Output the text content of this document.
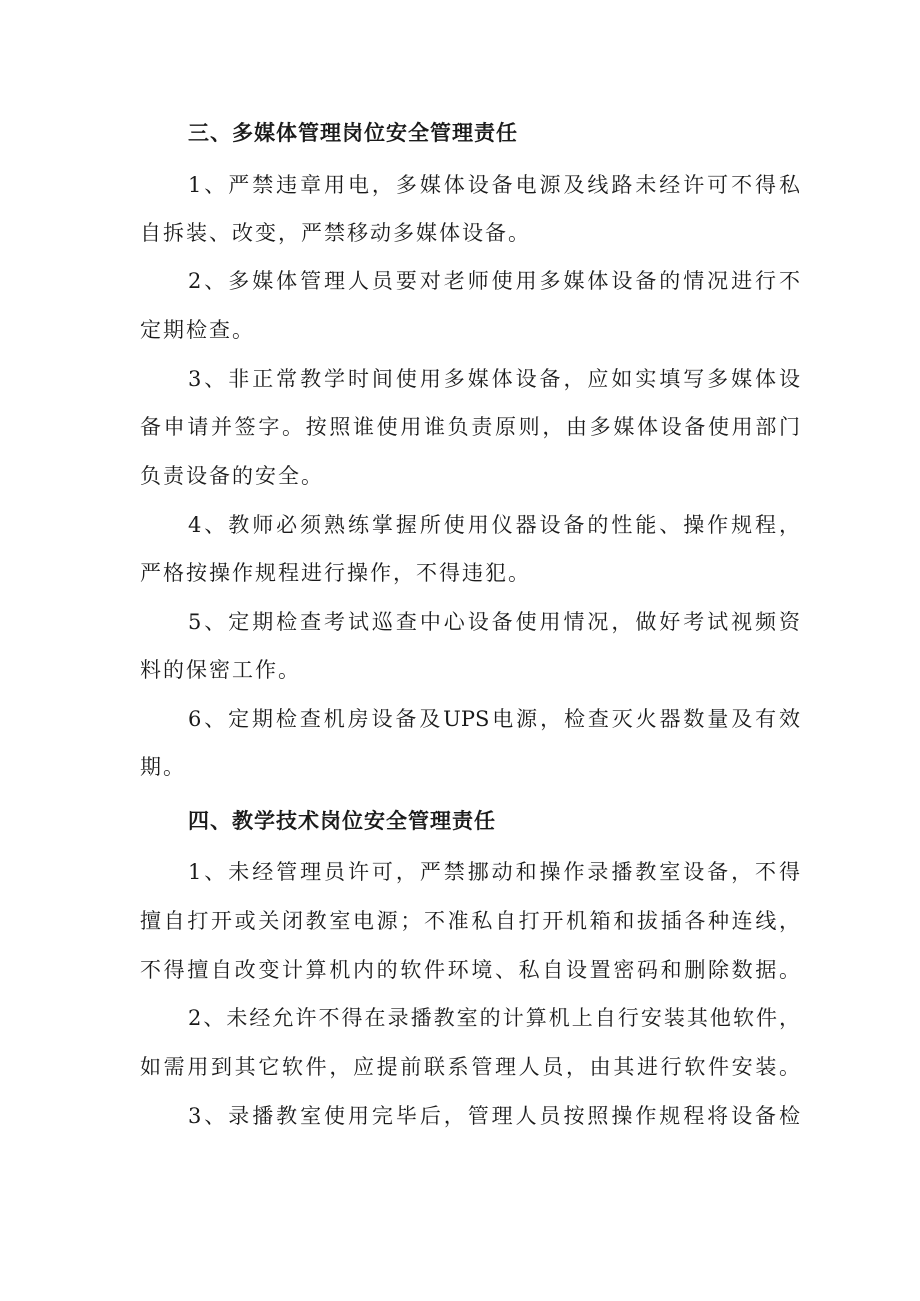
三、多媒体管理岗位安全管理责任
1、严禁违章用电，多媒体设备电源及线路未经许可不得私
自拆装、改变，严禁移动多媒体设备。
2、多媒体管理人员要对老师使用多媒体设备的情况进行不
定期检查。
3、非正常教学时间使用多媒体设备，应如实填写多媒体设
备申请并签字。按照谁使用谁负责原则，由多媒体设备使用部门
负责设备的安全。
4、教师必须熟练掌握所使用仪器设备的性能、操作规程，
严格按操作规程进行操作，不得违犯。
5、定期检查考试巡查中心设备使用情况，做好考试视频资
料的保密工作。
6、定期检查机房设备及UPS电源，检查灭火器数量及有效
期。
四、教学技术岗位安全管理责任
1、未经管理员许可，严禁挪动和操作录播教室设备，不得
擅自打开或关闭教室电源；不准私自打开机箱和拔插各种连线，
不得擅自改变计算机内的软件环境、私自设置密码和删除数据。
2、未经允许不得在录播教室的计算机上自行安装其他软件，
如需用到其它软件，应提前联系管理人员，由其进行软件安装。
3、录播教室使用完毕后，管理人员按照操作规程将设备检
